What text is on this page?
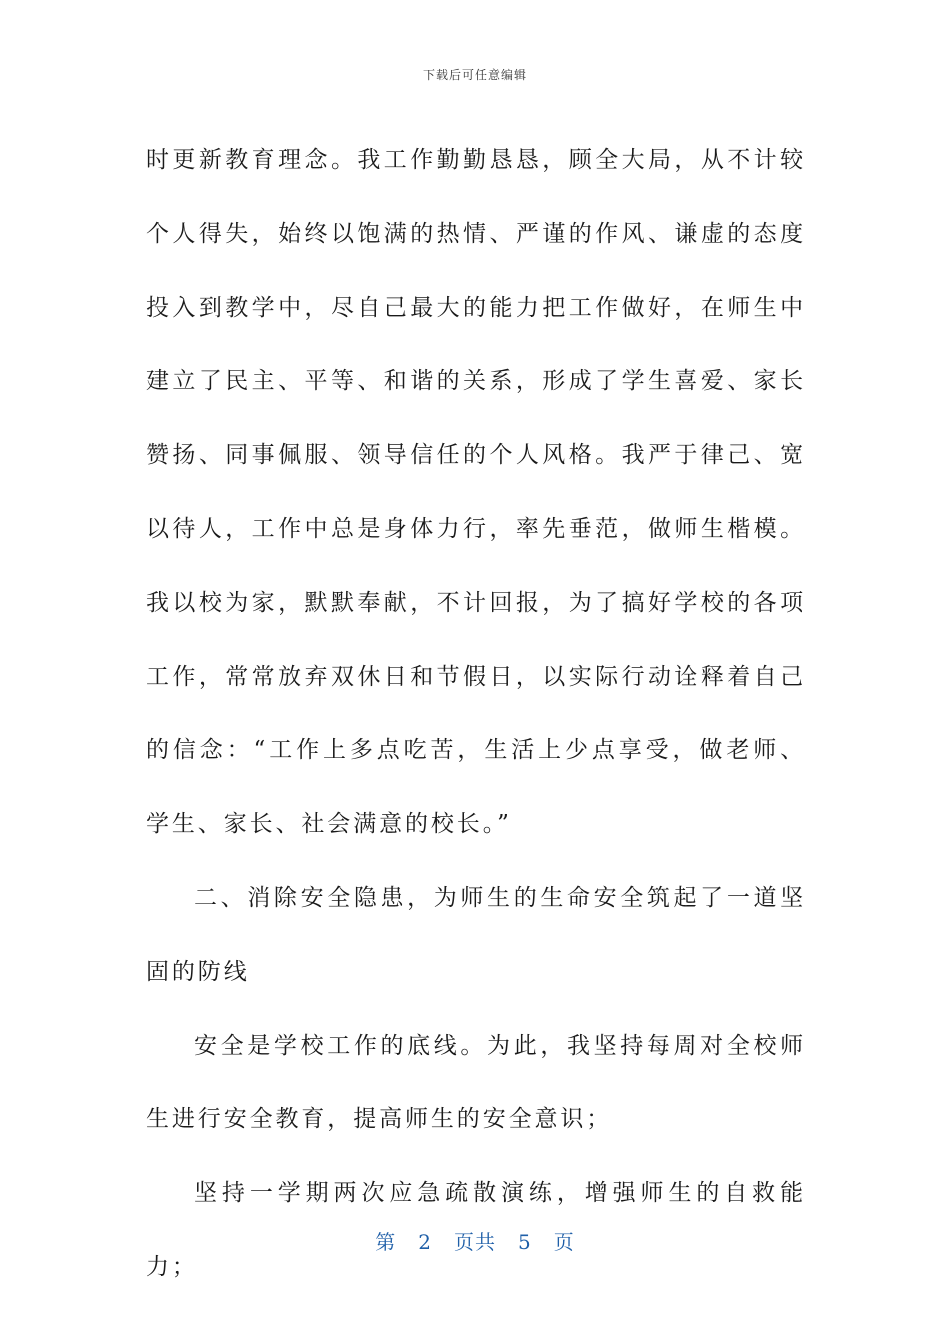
下载后可任意编辑

时更新教育理念。我工作勤勤恳恳，顾全大局，从不计较个人得失，始终以饱满的热情、严谨的作风、谦虚的态度投入到教学中，尽自己最大的能力把工作做好，在师生中建立了民主、平等、和谐的关系，形成了学生喜爱、家长赞扬、同事佩服、领导信任的个人风格。我严于律己、宽以待人，工作中总是身体力行，率先垂范，做师生楷模。我以校为家，默默奉献，不计回报，为了搞好学校的各项工作，常常放弃双休日和节假日，以实际行动诠释着自己的信念：“工作上多点吃苦，生活上少点享受，做老师、学生、家长、社会满意的校长。”

二、消除安全隐患，为师生的生命安全筑起了一道坚固的防线

安全是学校工作的底线。为此，我坚持每周对全校师生进行安全教育，提高师生的安全意识；

坚持一学期两次应急疏散演练，增强师生的自救能力；

第 2 页共 5 页
